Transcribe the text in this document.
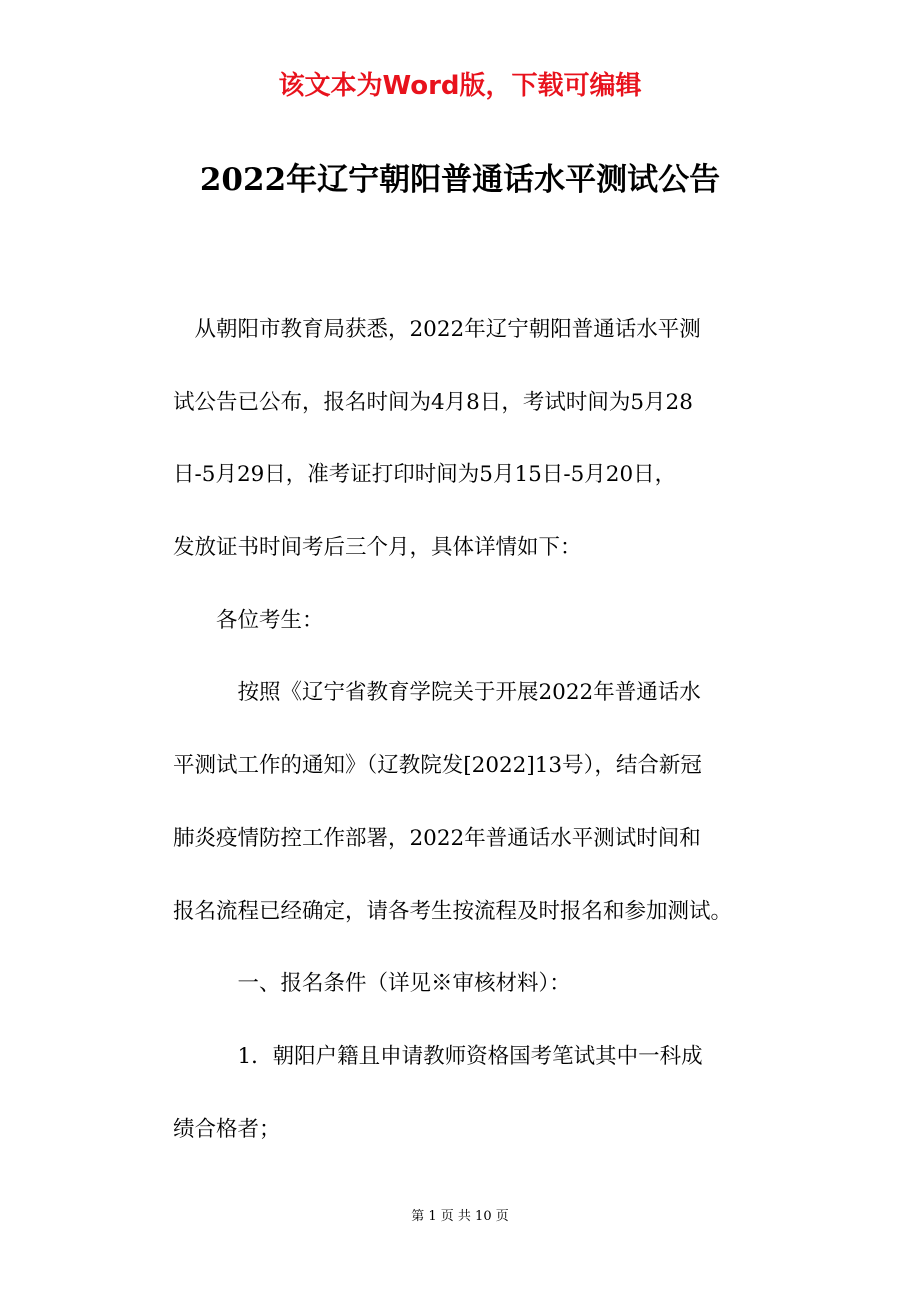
该文本为Word版，下载可编辑
2022年辽宁朝阳普通话水平测试公告
　从朝阳市教育局获悉，2022年辽宁朝阳普通话水平测
试公告已公布，报名时间为4月8日，考试时间为5月28
日-5月29日，准考证打印时间为5月15日-5月20日，
发放证书时间考后三个月，具体详情如下：
　　各位考生：
　　　按照《辽宁省教育学院关于开展2022年普通话水
平测试工作的通知》（辽教院发[2022]13号），结合新冠
肺炎疫情防控工作部署，2022年普通话水平测试时间和
报名流程已经确定，请各考生按流程及时报名和参加测试。
　　　一、报名条件（详见※审核材料）：
　　　1．朝阳户籍且申请教师资格国考笔试其中一科成
绩合格者；
第 1 页 共 10 页
